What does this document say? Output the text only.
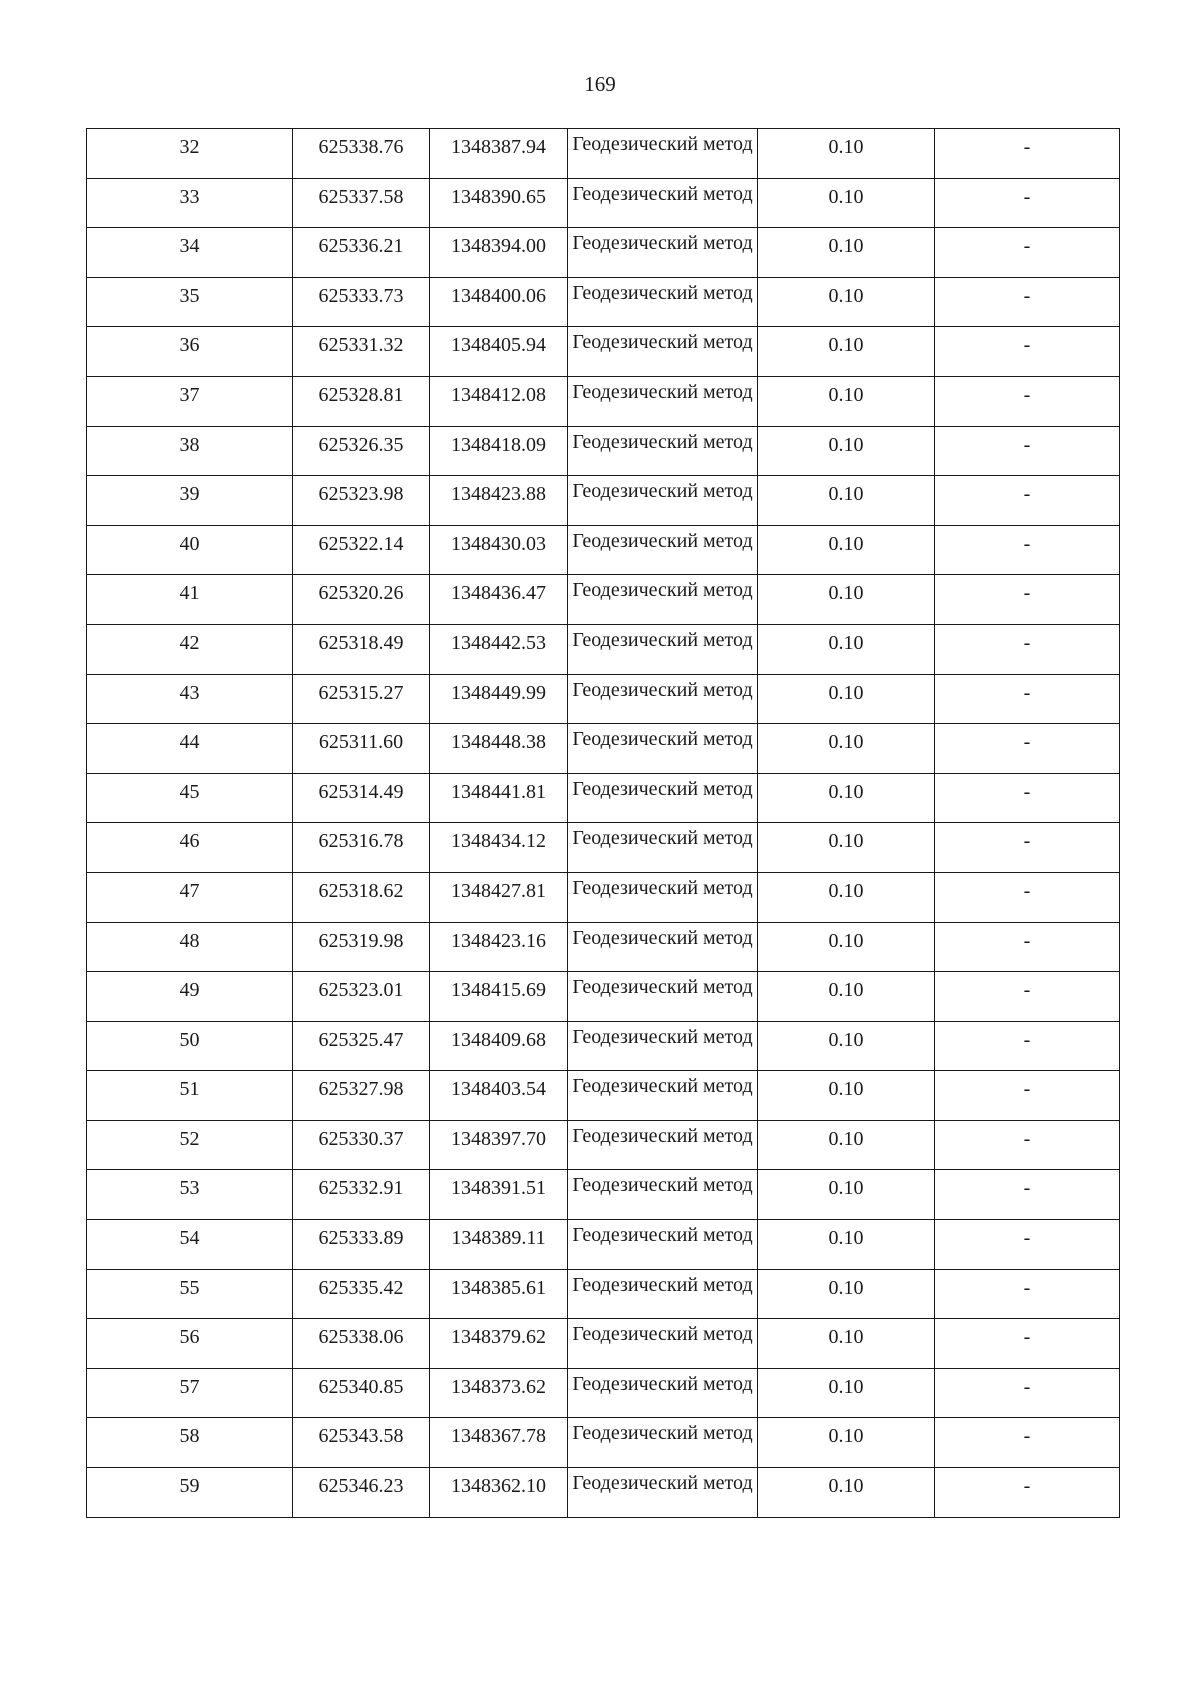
169
32	625338.76	1348387.94	Геодезический метод	0.10	-
33	625337.58	1348390.65	Геодезический метод	0.10	-
34	625336.21	1348394.00	Геодезический метод	0.10	-
35	625333.73	1348400.06	Геодезический метод	0.10	-
36	625331.32	1348405.94	Геодезический метод	0.10	-
37	625328.81	1348412.08	Геодезический метод	0.10	-
38	625326.35	1348418.09	Геодезический метод	0.10	-
39	625323.98	1348423.88	Геодезический метод	0.10	-
40	625322.14	1348430.03	Геодезический метод	0.10	-
41	625320.26	1348436.47	Геодезический метод	0.10	-
42	625318.49	1348442.53	Геодезический метод	0.10	-
43	625315.27	1348449.99	Геодезический метод	0.10	-
44	625311.60	1348448.38	Геодезический метод	0.10	-
45	625314.49	1348441.81	Геодезический метод	0.10	-
46	625316.78	1348434.12	Геодезический метод	0.10	-
47	625318.62	1348427.81	Геодезический метод	0.10	-
48	625319.98	1348423.16	Геодезический метод	0.10	-
49	625323.01	1348415.69	Геодезический метод	0.10	-
50	625325.47	1348409.68	Геодезический метод	0.10	-
51	625327.98	1348403.54	Геодезический метод	0.10	-
52	625330.37	1348397.70	Геодезический метод	0.10	-
53	625332.91	1348391.51	Геодезический метод	0.10	-
54	625333.89	1348389.11	Геодезический метод	0.10	-
55	625335.42	1348385.61	Геодезический метод	0.10	-
56	625338.06	1348379.62	Геодезический метод	0.10	-
57	625340.85	1348373.62	Геодезический метод	0.10	-
58	625343.58	1348367.78	Геодезический метод	0.10	-
59	625346.23	1348362.10	Геодезический метод	0.10	-
